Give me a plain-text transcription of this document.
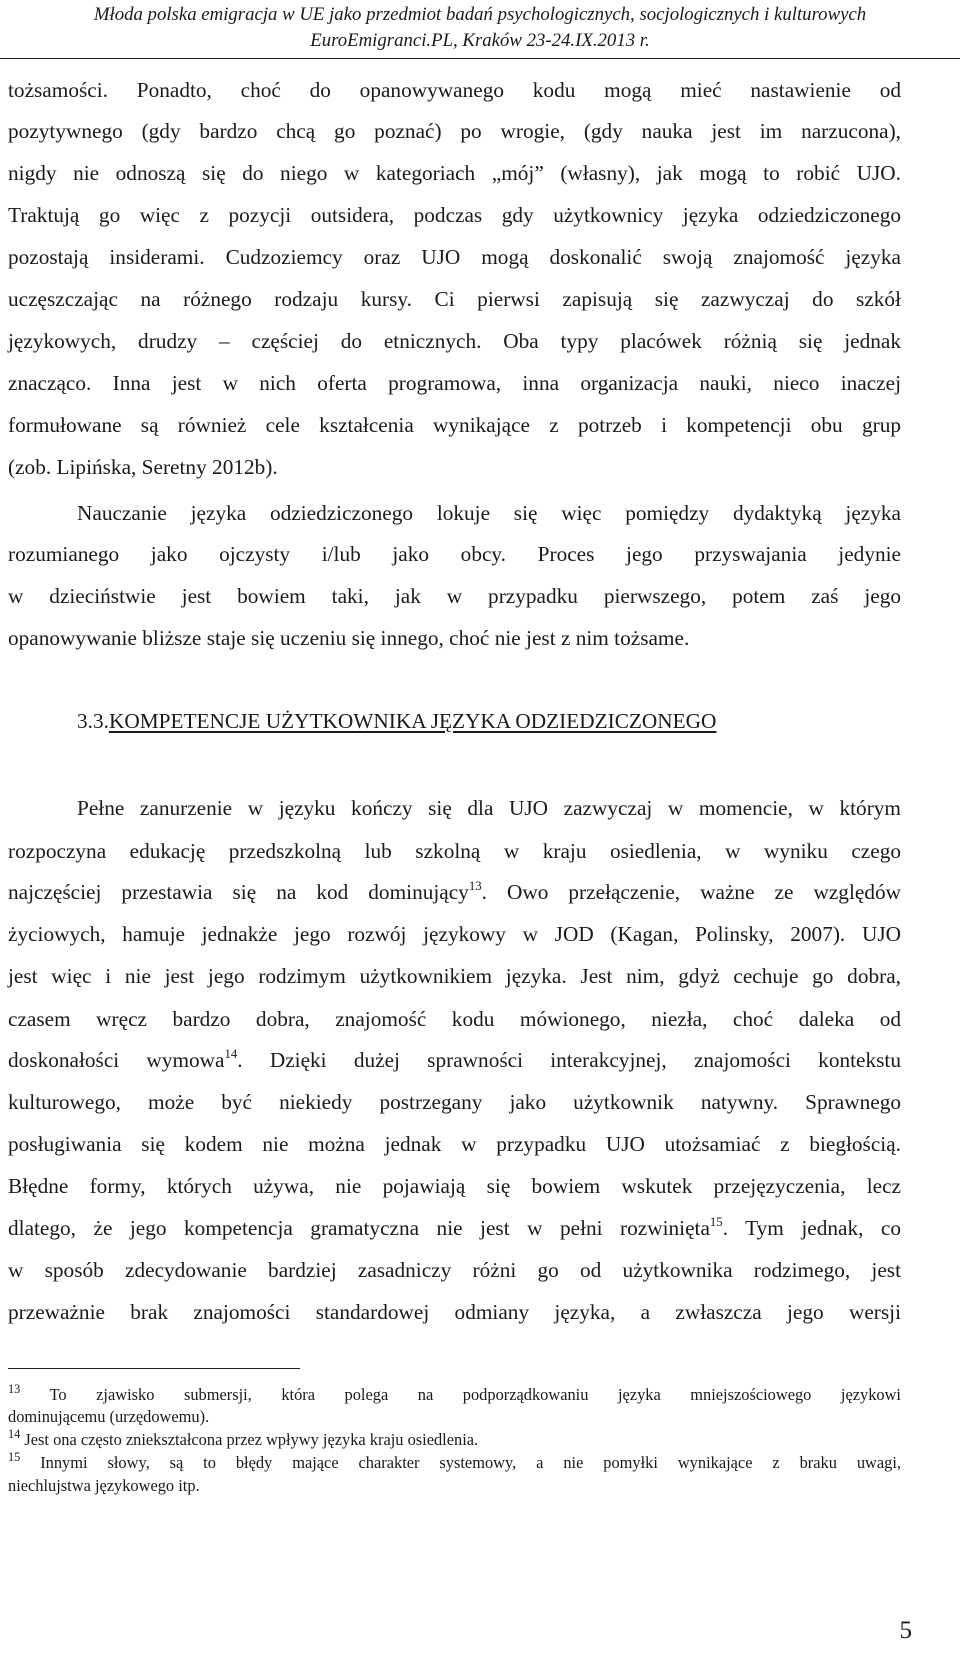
Młoda polska emigracja w UE jako przedmiot badań psychologicznych, socjologicznych i kulturowych
EuroEmigranci.PL, Kraków 23-24.IX.2013 r.
tożsamości. Ponadto, choć do opanowywanego kodu mogą mieć nastawienie od
pozytywnego (gdy bardzo chcą go poznać) po wrogie, (gdy nauka jest im narzucona),
nigdy nie odnoszą się do niego w kategoriach „mój” (własny), jak mogą to robić UJO.
Traktują go więc z pozycji outsidera, podczas gdy użytkownicy języka odziedziczonego
pozostają insiderami. Cudzoziemcy oraz UJO mogą doskonalić swoją znajomość języka
uczęszczając na różnego rodzaju kursy. Ci pierwsi zapisują się zazwyczaj do szkół
językowych, drudzy – częściej do etnicznych. Oba typy placówek różnią się jednak
znacząco. Inna jest w nich oferta programowa, inna organizacja nauki, nieco inaczej
formułowane są również cele kształcenia wynikające z potrzeb i kompetencji obu grup
(zob. Lipińska, Seretny 2012b).
Nauczanie języka odziedziczonego lokuje się więc pomiędzy dydaktyką języka
rozumianego jako ojczysty i/lub jako obcy. Proces jego przyswajania jedynie
w dzieciństwie jest bowiem taki, jak w przypadku pierwszego, potem zaś jego
opanowywanie bliższe staje się uczeniu się innego, choć nie jest z nim tożsame.
3.3.KOMPETENCJE UŻYTKOWNIKA JĘZYKA ODZIEDZICZONEGO
Pełne zanurzenie w języku kończy się dla UJO zazwyczaj w momencie, w którym
rozpoczyna edukację przedszkolną lub szkolną w kraju osiedlenia, w wyniku czego
najczęściej przestawia się na kod dominujący$^{13}$. Owo przełączenie, ważne ze względów
życiowych, hamuje jednakże jego rozwój językowy w JOD (Kagan, Polinsky, 2007). UJO
jest więc i nie jest jego rodzimym użytkownikiem języka. Jest nim, gdyż cechuje go dobra,
czasem wręcz bardzo dobra, znajomość kodu mówionego, niezła, choć daleka od
doskonałości wymowa$^{14}$. Dzięki dużej sprawności interakcyjnej, znajomości kontekstu
kulturowego, może być niekiedy postrzegany jako użytkownik natywny. Sprawnego
posługiwania się kodem nie można jednak w przypadku UJO utożsamiać z biegłością.
Błędne formy, których używa, nie pojawiają się bowiem wskutek przejęzyczenia, lecz
dlatego, że jego kompetencja gramatyczna nie jest w pełni rozwinięta$^{15}$. Tym jednak, co
w sposób zdecydowanie bardziej zasadniczy różni go od użytkownika rodzimego, jest
przeważnie brak znajomości standardowej odmiany języka, a zwłaszcza jego wersji
$^{13}$ To zjawisko submersji, która polega na podporządkowaniu języka mniejszościowego językowi
dominującemu (urzędowemu).
$^{14}$ Jest ona często zniekształcona przez wpływy języka kraju osiedlenia.
$^{15}$ Innymi słowy, są to błędy mające charakter systemowy, a nie pomyłki wynikające z braku uwagi,
niechlujstwa językowego itp.
5
